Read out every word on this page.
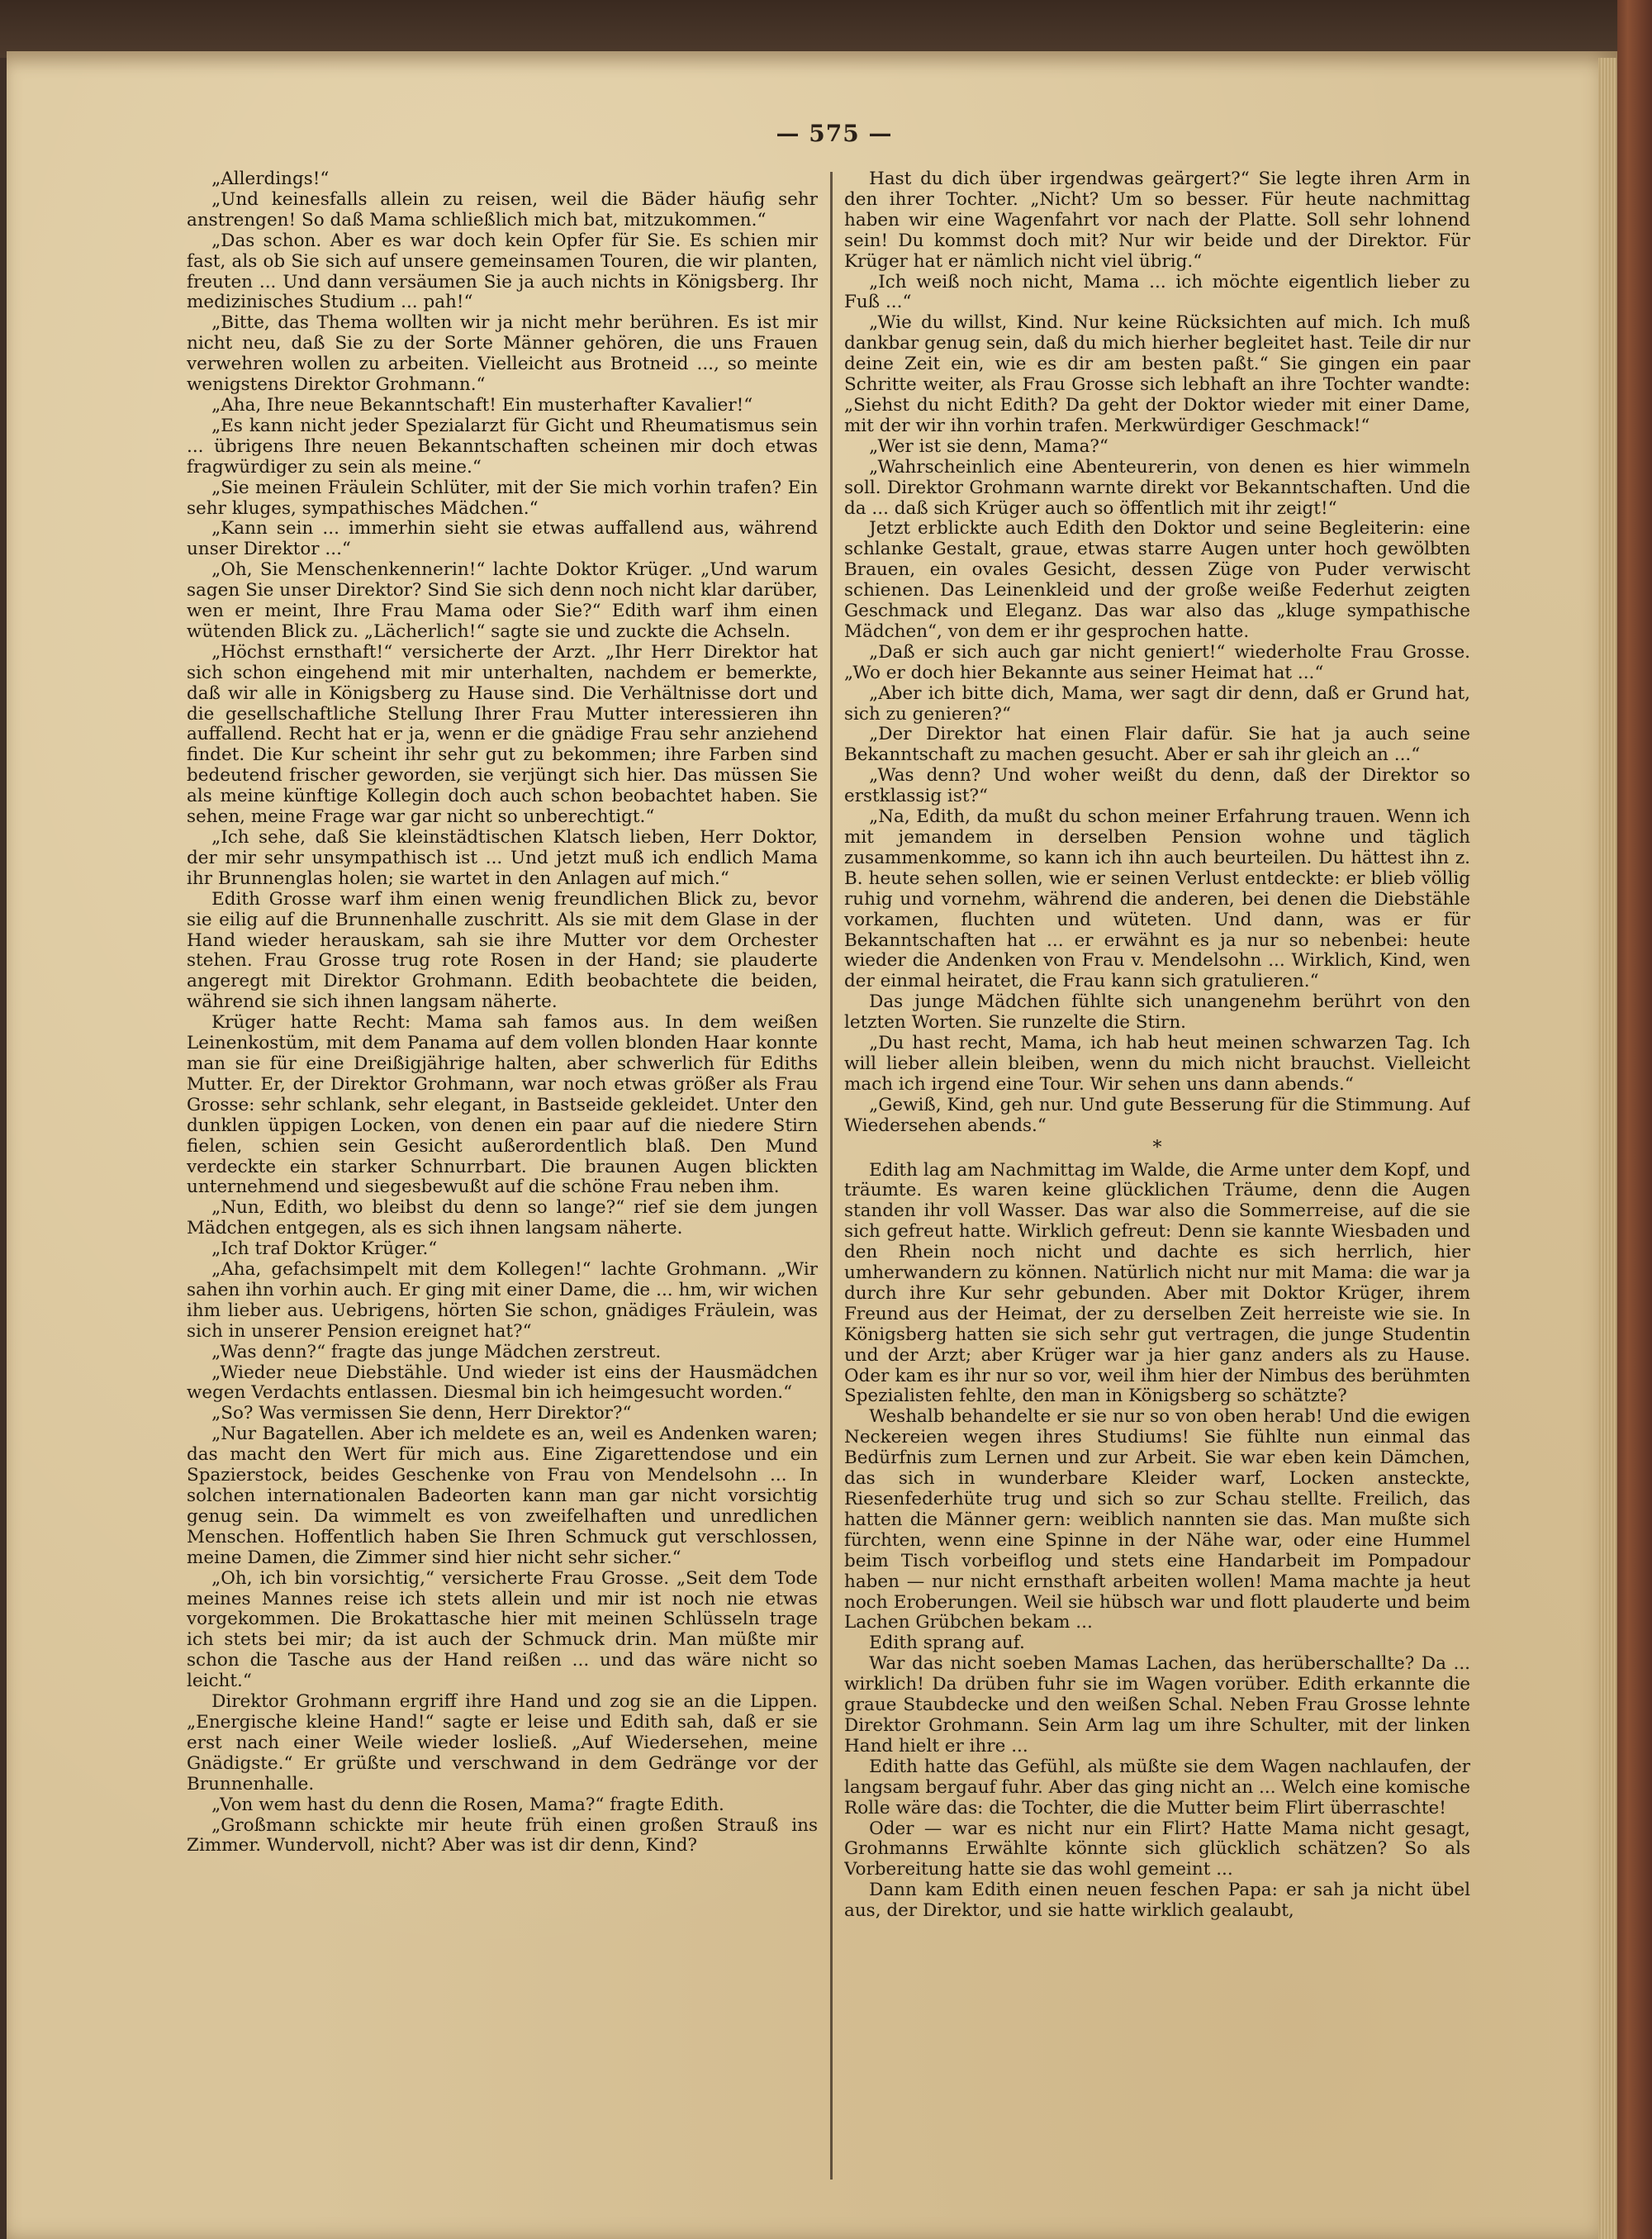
— 575 —

„Allerdings!“

„Und keinesfalls allein zu reisen, weil die Bäder häufig sehr anstrengen! So daß Mama schließlich mich bat, mitzukommen.“

„Das schon. Aber es war doch kein Opfer für Sie. Es schien mir fast, als ob Sie sich auf unsere gemeinsamen Touren, die wir planten, freuten ... Und dann versäumen Sie ja auch nichts in Königsberg. Ihr medizinisches Studium ... pah!“

„Bitte, das Thema wollten wir ja nicht mehr berühren. Es ist mir nicht neu, daß Sie zu der Sorte Männer gehören, die uns Frauen verwehren wollen zu arbeiten. Vielleicht aus Brotneid ..., so meinte wenigstens Direktor Grohmann.“

„Aha, Ihre neue Bekanntschaft! Ein musterhafter Kavalier!“

„Es kann nicht jeder Spezialarzt für Gicht und Rheumatismus sein ... übrigens Ihre neuen Bekanntschaften scheinen mir doch etwas fragwürdiger zu sein als meine.“

„Sie meinen Fräulein Schlüter, mit der Sie mich vorhin trafen? Ein sehr kluges, sympathisches Mädchen.“

„Kann sein ... immerhin sieht sie etwas auffallend aus, während unser Direktor ...“

„Oh, Sie Menschenkennerin!“ lachte Doktor Krüger. „Und warum sagen Sie unser Direktor? Sind Sie sich denn noch nicht klar darüber, wen er meint, Ihre Frau Mama oder Sie?“ Edith warf ihm einen wütenden Blick zu. „Lächerlich!“ sagte sie und zuckte die Achseln.

„Höchst ernsthaft!“ versicherte der Arzt. „Ihr Herr Direktor hat sich schon eingehend mit mir unterhalten, nachdem er bemerkte, daß wir alle in Königsberg zu Hause sind. Die Verhältnisse dort und die gesellschaftliche Stellung Ihrer Frau Mutter interessieren ihn auffallend. Recht hat er ja, wenn er die gnädige Frau sehr anziehend findet. Die Kur scheint ihr sehr gut zu bekommen; ihre Farben sind bedeutend frischer geworden, sie verjüngt sich hier. Das müssen Sie als meine künftige Kollegin doch auch schon beobachtet haben. Sie sehen, meine Frage war gar nicht so unberechtigt.“

„Ich sehe, daß Sie kleinstädtischen Klatsch lieben, Herr Doktor, der mir sehr unsympathisch ist ... Und jetzt muß ich endlich Mama ihr Brunnenglas holen; sie wartet in den Anlagen auf mich.“

Edith Grosse warf ihm einen wenig freundlichen Blick zu, bevor sie eilig auf die Brunnenhalle zuschritt. Als sie mit dem Glase in der Hand wieder herauskam, sah sie ihre Mutter vor dem Orchester stehen. Frau Grosse trug rote Rosen in der Hand; sie plauderte angeregt mit Direktor Grohmann. Edith beobachtete die beiden, während sie sich ihnen langsam näherte.

Krüger hatte Recht: Mama sah famos aus. In dem weißen Leinenkostüm, mit dem Panama auf dem vollen blonden Haar konnte man sie für eine Dreißigjährige halten, aber schwerlich für Ediths Mutter. Er, der Direktor Grohmann, war noch etwas größer als Frau Grosse: sehr schlank, sehr elegant, in Bastseide gekleidet. Unter den dunklen üppigen Locken, von denen ein paar auf die niedere Stirn fielen, schien sein Gesicht außerordentlich blaß. Den Mund verdeckte ein starker Schnurrbart. Die braunen Augen blickten unternehmend und siegesbewußt auf die schöne Frau neben ihm.

„Nun, Edith, wo bleibst du denn so lange?“ rief sie dem jungen Mädchen entgegen, als es sich ihnen langsam näherte.

„Ich traf Doktor Krüger.“

„Aha, gefachsimpelt mit dem Kollegen!“ lachte Grohmann. „Wir sahen ihn vorhin auch. Er ging mit einer Dame, die ... hm, wir wichen ihm lieber aus. Uebrigens, hörten Sie schon, gnädiges Fräulein, was sich in unserer Pension ereignet hat?“

„Was denn?“ fragte das junge Mädchen zerstreut.

„Wieder neue Diebstähle. Und wieder ist eins der Hausmädchen wegen Verdachts entlassen. Diesmal bin ich heimgesucht worden.“

„So? Was vermissen Sie denn, Herr Direktor?“

„Nur Bagatellen. Aber ich meldete es an, weil es Andenken waren; das macht den Wert für mich aus. Eine Zigarettendose und ein Spazierstock, beides Geschenke von Frau von Mendelsohn ... In solchen internationalen Badeorten kann man gar nicht vorsichtig genug sein. Da wimmelt es von zweifelhaften und unredlichen Menschen. Hoffentlich haben Sie Ihren Schmuck gut verschlossen, meine Damen, die Zimmer sind hier nicht sehr sicher.“

„Oh, ich bin vorsichtig,“ versicherte Frau Grosse. „Seit dem Tode meines Mannes reise ich stets allein und mir ist noch nie etwas vorgekommen. Die Brokattasche hier mit meinen Schlüsseln trage ich stets bei mir; da ist auch der Schmuck drin. Man müßte mir schon die Tasche aus der Hand reißen ... und das wäre nicht so leicht.“

Direktor Grohmann ergriff ihre Hand und zog sie an die Lippen. „Energische kleine Hand!“ sagte er leise und Edith sah, daß er sie erst nach einer Weile wieder losließ. „Auf Wiedersehen, meine Gnädigste.“ Er grüßte und verschwand in dem Gedränge vor der Brunnenhalle.

„Von wem hast du denn die Rosen, Mama?“ fragte Edith.

„Großmann schickte mir heute früh einen großen Strauß ins Zimmer. Wundervoll, nicht? Aber was ist dir denn, Kind?

Hast du dich über irgendwas geärgert?“ Sie legte ihren Arm in den ihrer Tochter. „Nicht? Um so besser. Für heute nachmittag haben wir eine Wagenfahrt vor nach der Platte. Soll sehr lohnend sein! Du kommst doch mit? Nur wir beide und der Direktor. Für Krüger hat er nämlich nicht viel übrig.“

„Ich weiß noch nicht, Mama ... ich möchte eigentlich lieber zu Fuß ...“

„Wie du willst, Kind. Nur keine Rücksichten auf mich. Ich muß dankbar genug sein, daß du mich hierher begleitet hast. Teile dir nur deine Zeit ein, wie es dir am besten paßt.“ Sie gingen ein paar Schritte weiter, als Frau Grosse sich lebhaft an ihre Tochter wandte: „Siehst du nicht Edith? Da geht der Doktor wieder mit einer Dame, mit der wir ihn vorhin trafen. Merkwürdiger Geschmack!“

„Wer ist sie denn, Mama?“

„Wahrscheinlich eine Abenteurerin, von denen es hier wimmeln soll. Direktor Grohmann warnte direkt vor Bekanntschaften. Und die da ... daß sich Krüger auch so öffentlich mit ihr zeigt!“

Jetzt erblickte auch Edith den Doktor und seine Begleiterin: eine schlanke Gestalt, graue, etwas starre Augen unter hoch gewölbten Brauen, ein ovales Gesicht, dessen Züge von Puder verwischt schienen. Das Leinenkleid und der große weiße Federhut zeigten Geschmack und Eleganz. Das war also das „kluge sympathische Mädchen“, von dem er ihr gesprochen hatte.

„Daß er sich auch gar nicht geniert!“ wiederholte Frau Grosse. „Wo er doch hier Bekannte aus seiner Heimat hat ...“

„Aber ich bitte dich, Mama, wer sagt dir denn, daß er Grund hat, sich zu genieren?“

„Der Direktor hat einen Flair dafür. Sie hat ja auch seine Bekanntschaft zu machen gesucht. Aber er sah ihr gleich an ...“

„Was denn? Und woher weißt du denn, daß der Direktor so erstklassig ist?“

„Na, Edith, da mußt du schon meiner Erfahrung trauen. Wenn ich mit jemandem in derselben Pension wohne und täglich zusammenkomme, so kann ich ihn auch beurteilen. Du hättest ihn z. B. heute sehen sollen, wie er seinen Verlust entdeckte: er blieb völlig ruhig und vornehm, während die anderen, bei denen die Diebstähle vorkamen, fluchten und wüteten. Und dann, was er für Bekanntschaften hat ... er erwähnt es ja nur so nebenbei: heute wieder die Andenken von Frau v. Mendelsohn ... Wirklich, Kind, wen der einmal heiratet, die Frau kann sich gratulieren.“

Das junge Mädchen fühlte sich unangenehm berührt von den letzten Worten. Sie runzelte die Stirn.

„Du hast recht, Mama, ich hab heut meinen schwarzen Tag. Ich will lieber allein bleiben, wenn du mich nicht brauchst. Vielleicht mach ich irgend eine Tour. Wir sehen uns dann abends.“

„Gewiß, Kind, geh nur. Und gute Besserung für die Stimmung. Auf Wiedersehen abends.“

*

Edith lag am Nachmittag im Walde, die Arme unter dem Kopf, und träumte. Es waren keine glücklichen Träume, denn die Augen standen ihr voll Wasser. Das war also die Sommerreise, auf die sie sich gefreut hatte. Wirklich gefreut: Denn sie kannte Wiesbaden und den Rhein noch nicht und dachte es sich herrlich, hier umherwandern zu können. Natürlich nicht nur mit Mama: die war ja durch ihre Kur sehr gebunden. Aber mit Doktor Krüger, ihrem Freund aus der Heimat, der zu derselben Zeit herreiste wie sie. In Königsberg hatten sie sich sehr gut vertragen, die junge Studentin und der Arzt; aber Krüger war ja hier ganz anders als zu Hause. Oder kam es ihr nur so vor, weil ihm hier der Nimbus des berühmten Spezialisten fehlte, den man in Königsberg so schätzte?

Weshalb behandelte er sie nur so von oben herab! Und die ewigen Neckereien wegen ihres Studiums! Sie fühlte nun einmal das Bedürfnis zum Lernen und zur Arbeit. Sie war eben kein Dämchen, das sich in wunderbare Kleider warf, Locken ansteckte, Riesenfederhüte trug und sich so zur Schau stellte. Freilich, das hatten die Männer gern: weiblich nannten sie das. Man mußte sich fürchten, wenn eine Spinne in der Nähe war, oder eine Hummel beim Tisch vorbeiflog und stets eine Handarbeit im Pompadour haben — nur nicht ernsthaft arbeiten wollen! Mama machte ja heut noch Eroberungen. Weil sie hübsch war und flott plauderte und beim Lachen Grübchen bekam ...

Edith sprang auf.

War das nicht soeben Mamas Lachen, das herüberschallte? Da ... wirklich! Da drüben fuhr sie im Wagen vorüber. Edith erkannte die graue Staubdecke und den weißen Schal. Neben Frau Grosse lehnte Direktor Grohmann. Sein Arm lag um ihre Schulter, mit der linken Hand hielt er ihre ...

Edith hatte das Gefühl, als müßte sie dem Wagen nachlaufen, der langsam bergauf fuhr. Aber das ging nicht an ... Welch eine komische Rolle wäre das: die Tochter, die die Mutter beim Flirt überraschte!

Oder — war es nicht nur ein Flirt? Hatte Mama nicht gesagt, Grohmanns Erwählte könnte sich glücklich schätzen? So als Vorbereitung hatte sie das wohl gemeint ...

Dann kam Edith einen neuen feschen Papa: er sah ja nicht übel aus, der Direktor, und sie hatte wirklich gealaubt,
